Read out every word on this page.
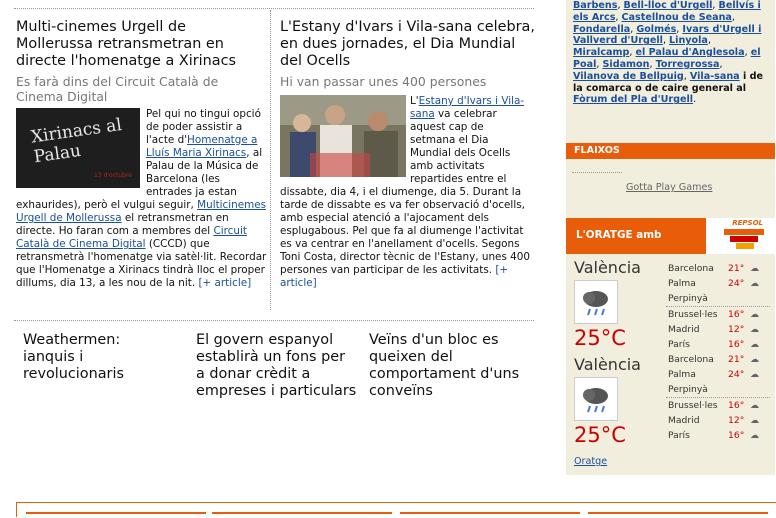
Multi-cinemes Urgell de Mollerussa retransmetran en directe l'homenatge a Xirinacs
Es farà dins del Circuit Català de Cinema Digital
Xirinacs al Palau
13 d'octubre
Pel qui no tingui opció de poder assistir a l'acte d'Homenatge a Lluís Maria Xirinacs, al Palau de la Música de Barcelona (les entrades ja estan exhaurides), però el vulgui seguir, Multicinemes Urgell de Mollerussa el retransmetran en directe. Ho faran com a membres del Circuit Català de Cinema Digital (CCCD) que retransmetrà l'homenatge via satèl·lit. Recordar que l'Homenatge a Xirinacs tindrà lloc el proper dillums, dia 13, a les nou de la nit. [+ article]
L'Estany d'Ivars i Vila-sana celebra, en dues jornades, el Dia Mundial del Ocells
Hi van passar unes 400 persones
L'Estany d'Ivars i Vila-sana va celebrar aquest cap de setmana el Dia Mundial dels Ocells amb activitats repartides entre el dissabte, dia 4, i el diumenge, dia 5. Durant la tarde de dissabte es va fer observació d'ocells, amb especial atenció a l'ajocament dels esplugabous. Pel que fa al diumenge l'activitat es va centrar en l'anellament d'ocells. Segons Toni Costa, director tècnic de l'Estany, unes 400 persones van participar de les activitats. [+ article]
Weathermen: ianquis i revolucionaris
El govern espanyol establirà un fons per a donar crèdit a empreses i particulars
Veïns d'un bloc es queixen del comportament d'uns conveïns
Barbens, Bell-lloc d'Urgell, Bellvís i els Arcs, Castellnou de Seana, Fondarella, Golmés, Ivars d'Urgell i Vallverd d'Urgell, Linyola, Miralcamp, el Palau d'Anglesola, el Poal, Sidamon, Torregrossa, Vilanova de Bellpuig, Vila-sana i de la comarca o de caire general al Fòrum del Pla d'Urgell.
FLAIXOS
Gotta Play Games
L'ORATGE amb
REPSOL
València
25°C
Barcelona 21° ☁
Palma	24° ☁
Perpinyà
Brussel·les 16° ☁
Madrid	12° ☁
París	16° ☁
València
25°C
Barcelona 21° ☁
Palma	24° ☁
Perpinyà
Brussel·les 16° ☁
Madrid	12° ☁
París	16° ☁
Oratge
